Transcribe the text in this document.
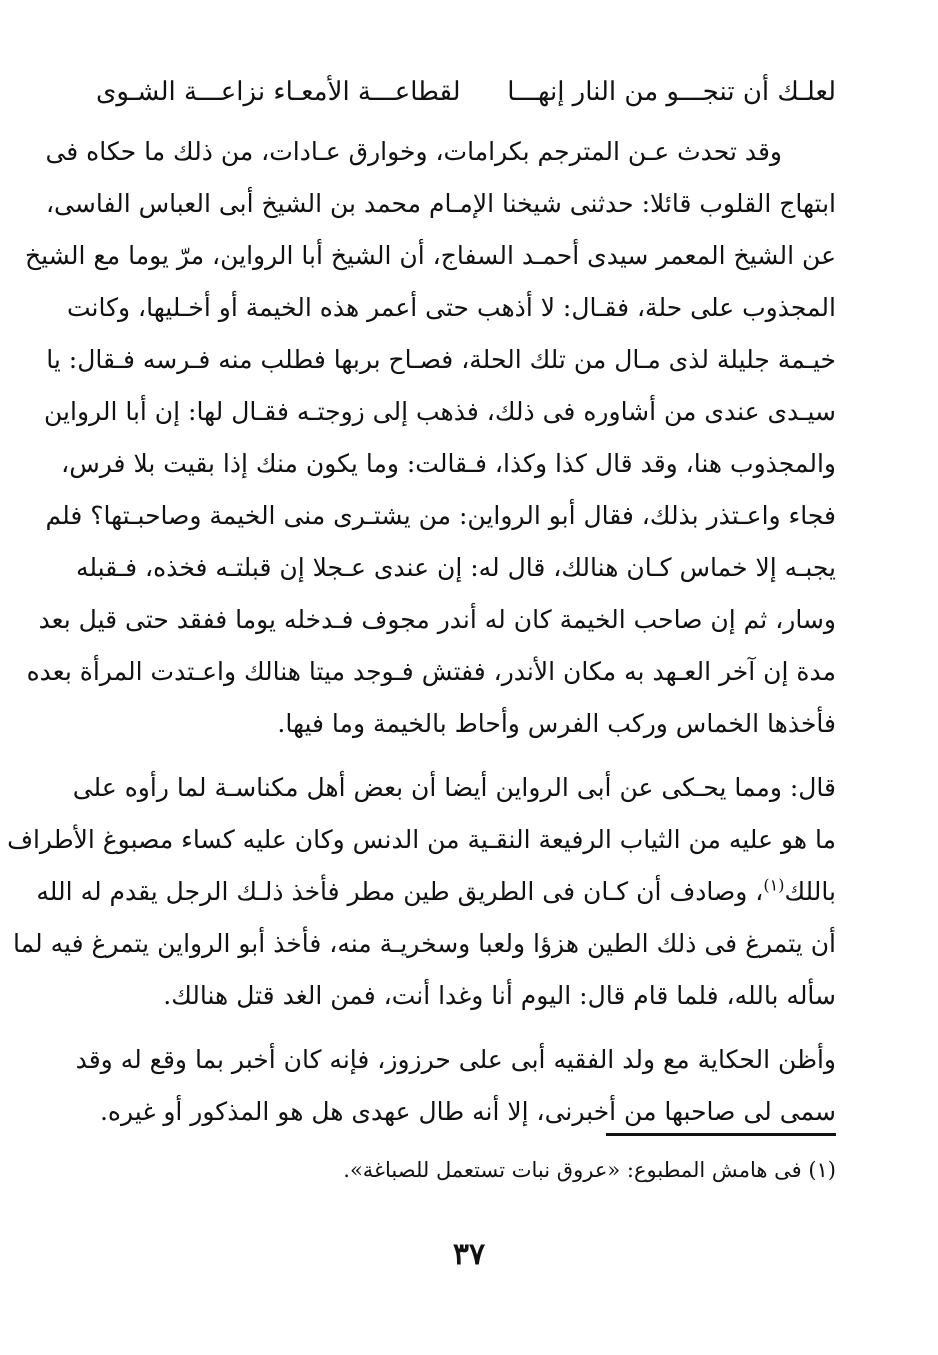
لعلـك أن تنجـــو من النار إنهـــا
لقطاعـــة الأمعـاء نزاعـــة الشـوى
وقد تحدث عـن المترجم بكرامات، وخوارق عـادات، من ذلك ما حكاه فى
ابتهاج القلوب قائلا: حدثنى شيخنا الإمـام محمد بن الشيخ أبى العباس الفاسى،
عن الشيخ المعمر سيدى أحمـد السفاج، أن الشيخ أبا الرواين، مرّ يوما مع الشيخ
المجذوب على حلة، فقـال: لا أذهب حتى أعمر هذه الخيمة أو أخـليها، وكانت
خيـمة جليلة لذى مـال من تلك الحلة، فصـاح بربها فطلب منه فـرسه فـقال: يا
سيـدى عندى من أشاوره فى ذلك، فذهب إلى زوجتـه فقـال لها: إن أبا الرواين
والمجذوب هنا، وقد قال كذا وكذا، فـقالت: وما يكون منك إذا بقيت بلا فرس،
فجاء واعـتذر بذلك، فقال أبو الرواين: من يشتـرى منى الخيمة وصاحبـتها؟ فلم
يجبـه إلا خماس كـان هنالك، قال له: إن عندى عـجلا إن قبلتـه فخذه، فـقبله
وسار، ثم إن صاحب الخيمة كان له أندر مجوف فـدخله يوما ففقد حتى قيل بعد
مدة إن آخر العـهد به مكان الأندر، ففتش فـوجد ميتا هنالك واعـتدت المرأة بعده
فأخذها الخماس وركب الفرس وأحاط بالخيمة وما فيها.
قال: ومما يحـكى عن أبى الرواين أيضا أن بعض أهل مكناسـة لما رأوه على
ما هو عليه من الثياب الرفيعة النقـية من الدنس وكان عليه كساء مصبوغ الأطراف
باللك$^{(١)}$، وصادف أن كـان فى الطريق طين مطر فأخذ ذلـك الرجل يقدم له الله
أن يتمرغ فى ذلك الطين هزؤا ولعبا وسخريـة منه، فأخذ أبو الرواين يتمرغ فيه لما
سأله بالله، فلما قام قال: اليوم أنا وغدا أنت، فمن الغد قتل هنالك.
وأظن الحكاية مع ولد الفقيه أبى على حرزوز، فإنه كان أخبر بما وقع له وقد
سمى لى صاحبها من أخبرنى، إلا أنه طال عهدى هل هو المذكور أو غيره.
(١) فى هامش المطبوع: «عروق نبات تستعمل للصباغة».
٣٧
